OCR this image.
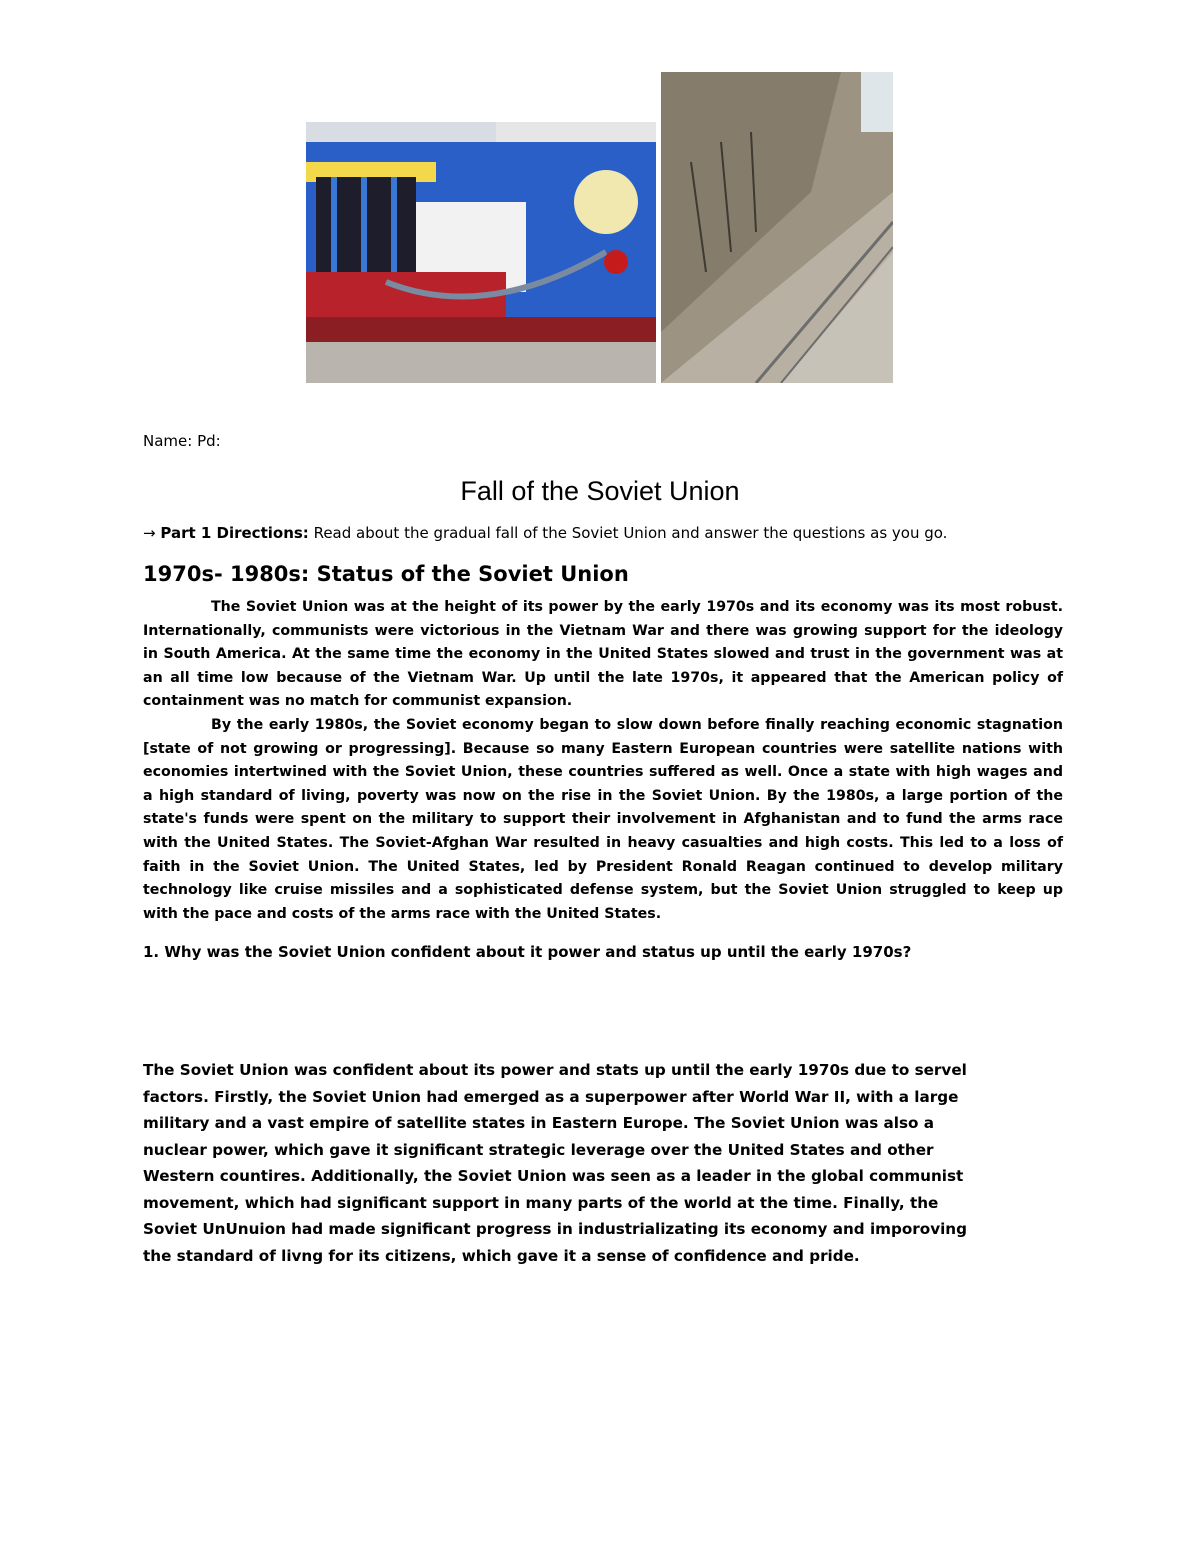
Name: Pd:
Fall of the Soviet Union
→ Part 1 Directions: Read about the gradual fall of the Soviet Union and answer the questions as you go.
1970s- 1980s: Status of the Soviet Union

The Soviet Union was at the height of its power by the early 1970s and its economy was its most robust. Internationally, communists were victorious in the Vietnam War and there was growing support for the ideology in South America. At the same time the economy in the United States slowed and trust in the government was at an all time low because of the Vietnam War. Up until the late 1970s, it appeared that the American policy of containment was no match for communist expansion.

By the early 1980s, the Soviet economy began to slow down before finally reaching economic stagnation [state of not growing or progressing]. Because so many Eastern European countries were satellite nations with economies intertwined with the Soviet Union, these countries suffered as well. Once a state with high wages and a high standard of living, poverty was now on the rise in the Soviet Union. By the 1980s, a large portion of the state's funds were spent on the military to support their involvement in Afghanistan and to fund the arms race with the United States. The Soviet-Afghan War resulted in heavy casualties and high costs. This led to a loss of faith in the Soviet Union. The United States, led by President Ronald Reagan continued to develop military technology like cruise missiles and a sophisticated defense system, but the Soviet Union struggled to keep up with the pace and costs of the arms race with the United States.

1. Why was the Soviet Union confident about it power and status up until the early 1970s?
The Soviet Union was confident about its power and stats up until the early 1970s due to servel factors. Firstly, the Soviet Union had emerged as a superpower after World War II, with a large military and a vast empire of satellite states in Eastern Europe. The Soviet Union was also a nuclear power, which gave it significant strategic leverage over the United States and other Western countires. Additionally, the Soviet Union was seen as a leader in the global communist movement, which had significant support in many parts of the world at the time. Finally, the Soviet UnUnuion had made significant progress in industrializating its economy and imporoving the standard of livng for its citizens, which gave it a sense of confidence and pride.
